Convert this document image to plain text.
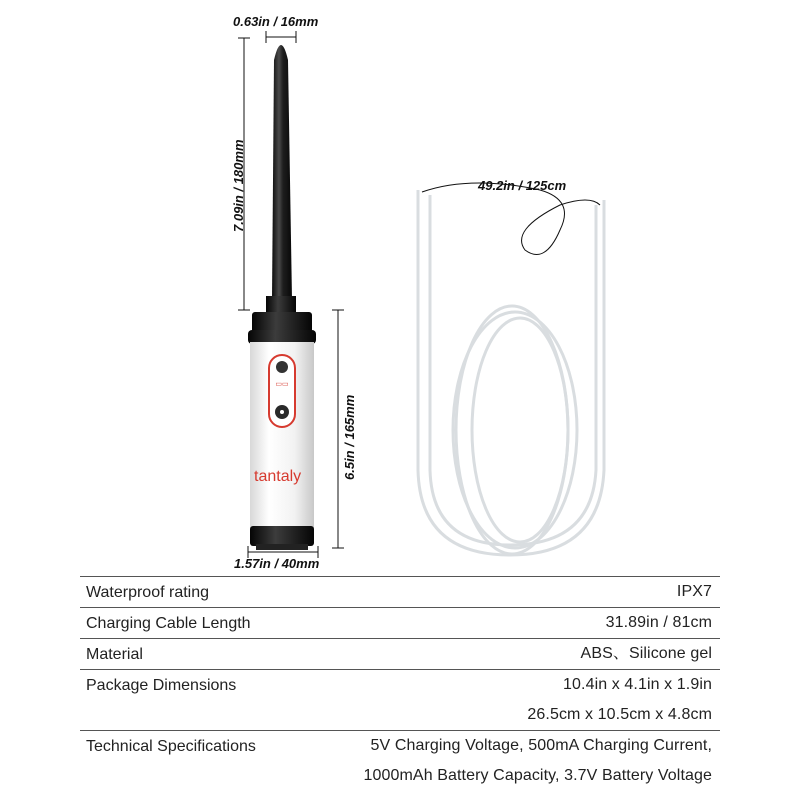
▭▭
0.63in / 16mm
7.09in / 180mm
6.5in / 165mm
1.57in / 40mm
49.2in / 125cm
tantaly
Waterproof rating	IPX7
Charging Cable Length	31.89in / 81cm
Material	ABS、Silicone gel
Package Dimensions	10.4in x 4.1in x 1.9in
26.5cm x 10.5cm x 4.8cm
Technical Specifications	5V Charging Voltage, 500mA Charging Current,
1000mAh Battery Capacity, 3.7V Battery Voltage
